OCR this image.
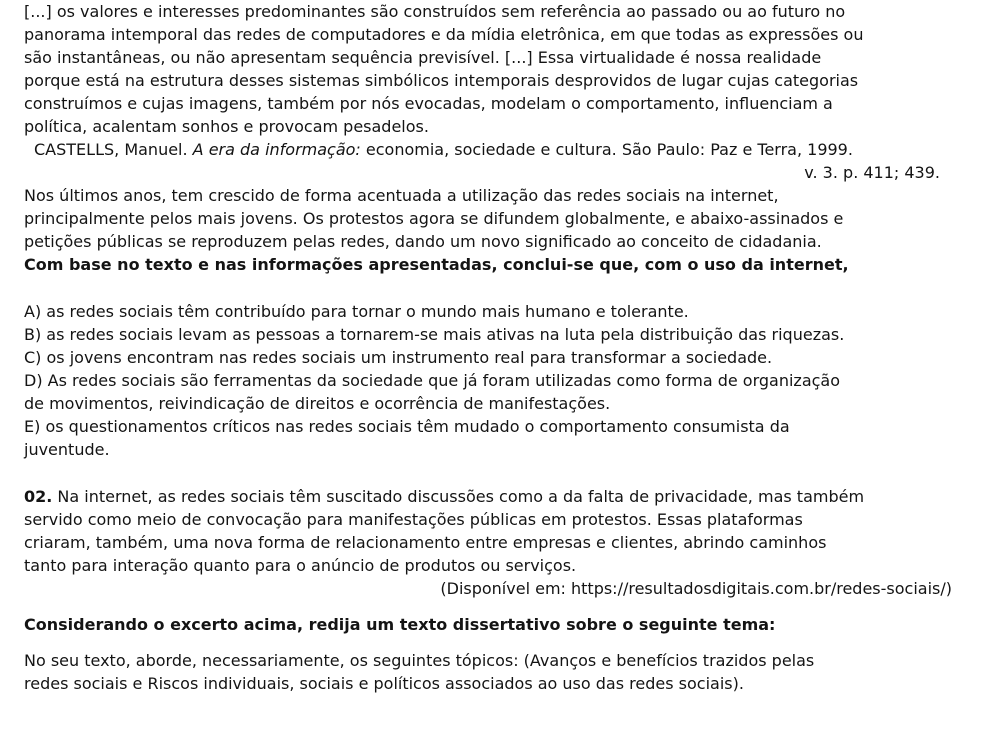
[...] os valores e interesses predominantes são construídos sem referência ao passado ou ao futuro no

panorama intemporal das redes de computadores e da mídia eletrônica, em que todas as expressões ou

são instantâneas, ou não apresentam sequência previsível. [...] Essa virtualidade é nossa realidade

porque está na estrutura desses sistemas simbólicos intemporais desprovidos de lugar cujas categorias

construímos e cujas imagens, também por nós evocadas, modelam o comportamento, influenciam a

política, acalentam sonhos e provocam pesadelos.

CASTELLS, Manuel. A era da informação: economia, sociedade e cultura. São Paulo: Paz e Terra, 1999.

v. 3. p. 411; 439.

Nos últimos anos, tem crescido de forma acentuada a utilização das redes sociais na internet,

principalmente pelos mais jovens. Os protestos agora se difundem globalmente, e abaixo-assinados e

petições públicas se reproduzem pelas redes, dando um novo significado ao conceito de cidadania.

Com base no texto e nas informações apresentadas, conclui-se que, com o uso da internet,

A) as redes sociais têm contribuído para tornar o mundo mais humano e tolerante.

B) as redes sociais levam as pessoas a tornarem-se mais ativas na luta pela distribuição das riquezas.

C) os jovens encontram nas redes sociais um instrumento real para transformar a sociedade.

D) As redes sociais são ferramentas da sociedade que já foram utilizadas como forma de organização

de movimentos, reivindicação de direitos e ocorrência de manifestações.

E) os questionamentos críticos nas redes sociais têm mudado o comportamento consumista da

juventude.

02. Na internet, as redes sociais têm suscitado discussões como a da falta de privacidade, mas também

servido como meio de convocação para manifestações públicas em protestos. Essas plataformas

criaram, também, uma nova forma de relacionamento entre empresas e clientes, abrindo caminhos

tanto para interação quanto para o anúncio de produtos ou serviços.

(Disponível em: https://resultadosdigitais.com.br/redes-sociais/)

Considerando o excerto acima, redija um texto dissertativo sobre o seguinte tema:

No seu texto, aborde, necessariamente, os seguintes tópicos: (Avanços e benefícios trazidos pelas

redes sociais e Riscos individuais, sociais e políticos associados ao uso das redes sociais).
